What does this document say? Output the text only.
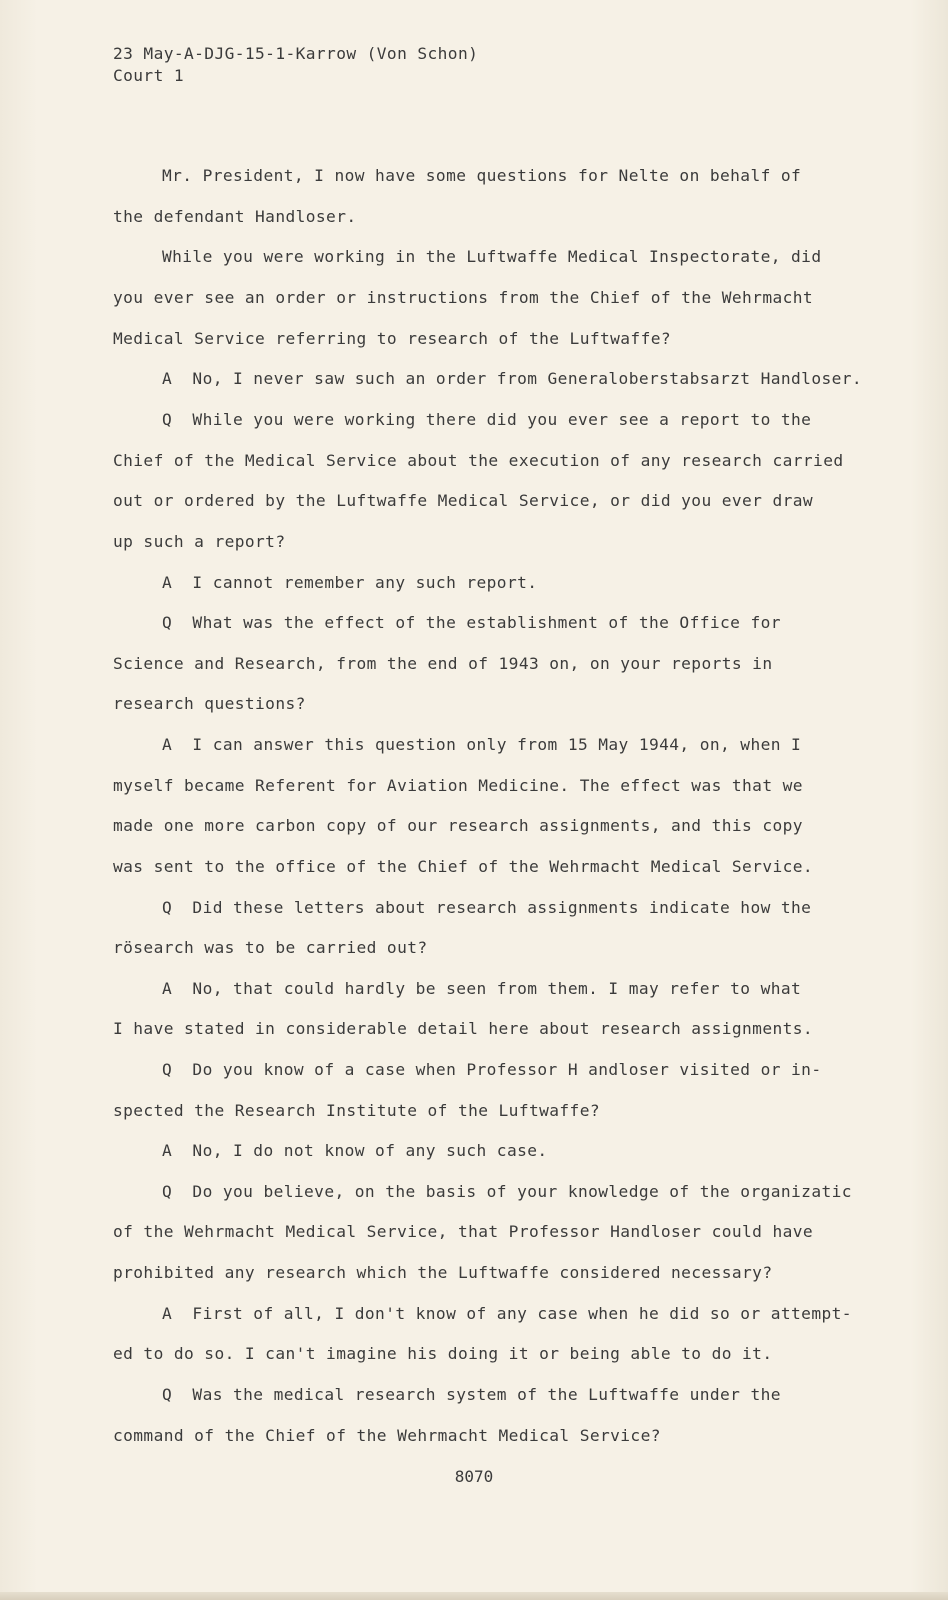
23 May-A-DJG-15-1-Karrow (Von Schon)
Court 1
Mr. President, I now have some questions for Nelte on behalf of
the defendant Handloser.
While you were working in the Luftwaffe Medical Inspectorate, did
you ever see an order or instructions from the Chief of the Wehrmacht
Medical Service referring to research of the Luftwaffe?
A  No, I never saw such an order from Generaloberstabsarzt Handloser.
Q  While you were working there did you ever see a report to the
Chief of the Medical Service about the execution of any research carried
out or ordered by the Luftwaffe Medical Service, or did you ever draw
up such a report?
A  I cannot remember any such report.
Q  What was the effect of the establishment of the Office for
Science and Research, from the end of 1943 on, on your reports in
research questions?
A  I can answer this question only from 15 May 1944, on, when I
myself became Referent for Aviation Medicine. The effect was that we
made one more carbon copy of our research assignments, and this copy
was sent to the office of the Chief of the Wehrmacht Medical Service.
Q  Did these letters about research assignments indicate how the
rösearch was to be carried out?
A  No, that could hardly be seen from them. I may refer to what
I have stated in considerable detail here about research assignments.
Q  Do you know of a case when Professor H andloser visited or in-
spected the Research Institute of the Luftwaffe?
A  No, I do not know of any such case.
Q  Do you believe, on the basis of your knowledge of the organizatic
of the Wehrmacht Medical Service, that Professor Handloser could have
prohibited any research which the Luftwaffe considered necessary?
A  First of all, I don't know of any case when he did so or attempt-
ed to do so. I can't imagine his doing it or being able to do it.
Q  Was the medical research system of the Luftwaffe under the
command of the Chief of the Wehrmacht Medical Service?
8070
